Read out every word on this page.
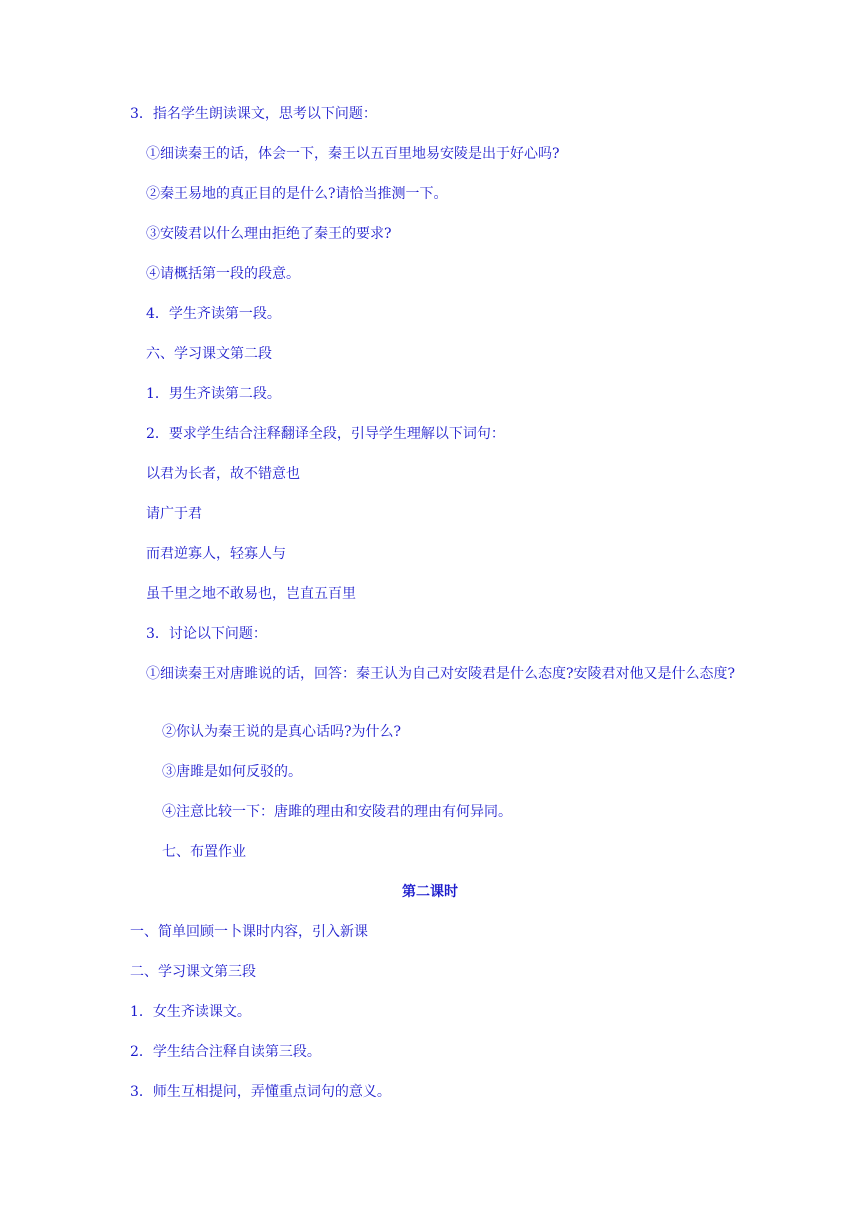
3．指名学生朗读课文，思考以下问题：
①细读秦王的话，体会一下，秦王以五百里地易安陵是出于好心吗?
②秦王易地的真正目的是什么?请恰当推测一下。
③安陵君以什么理由拒绝了秦王的要求?
④请概括第一段的段意。
4．学生齐读第一段。
六、学习课文第二段
1．男生齐读第二段。
2．要求学生结合注释翻译全段，引导学生理解以下词句：
以君为长者，故不错意也
请广于君
而君逆寡人，轻寡人与
虽千里之地不敢易也，岂直五百里
3．讨论以下问题：
①细读秦王对唐雎说的话，回答：秦王认为自己对安陵君是什么态度?安陵君对他又是什么态度?
②你认为秦王说的是真心话吗?为什么?
③唐雎是如何反驳的。
④注意比较一下：唐雎的理由和安陵君的理由有何异同。
七、布置作业
第二课时
一、简单回顾一卜课时内容，引入新课
二、学习课文第三段
1．女生齐读课文。
2．学生结合注释自读第三段。
3．师生互相提问，弄懂重点词句的意义。
